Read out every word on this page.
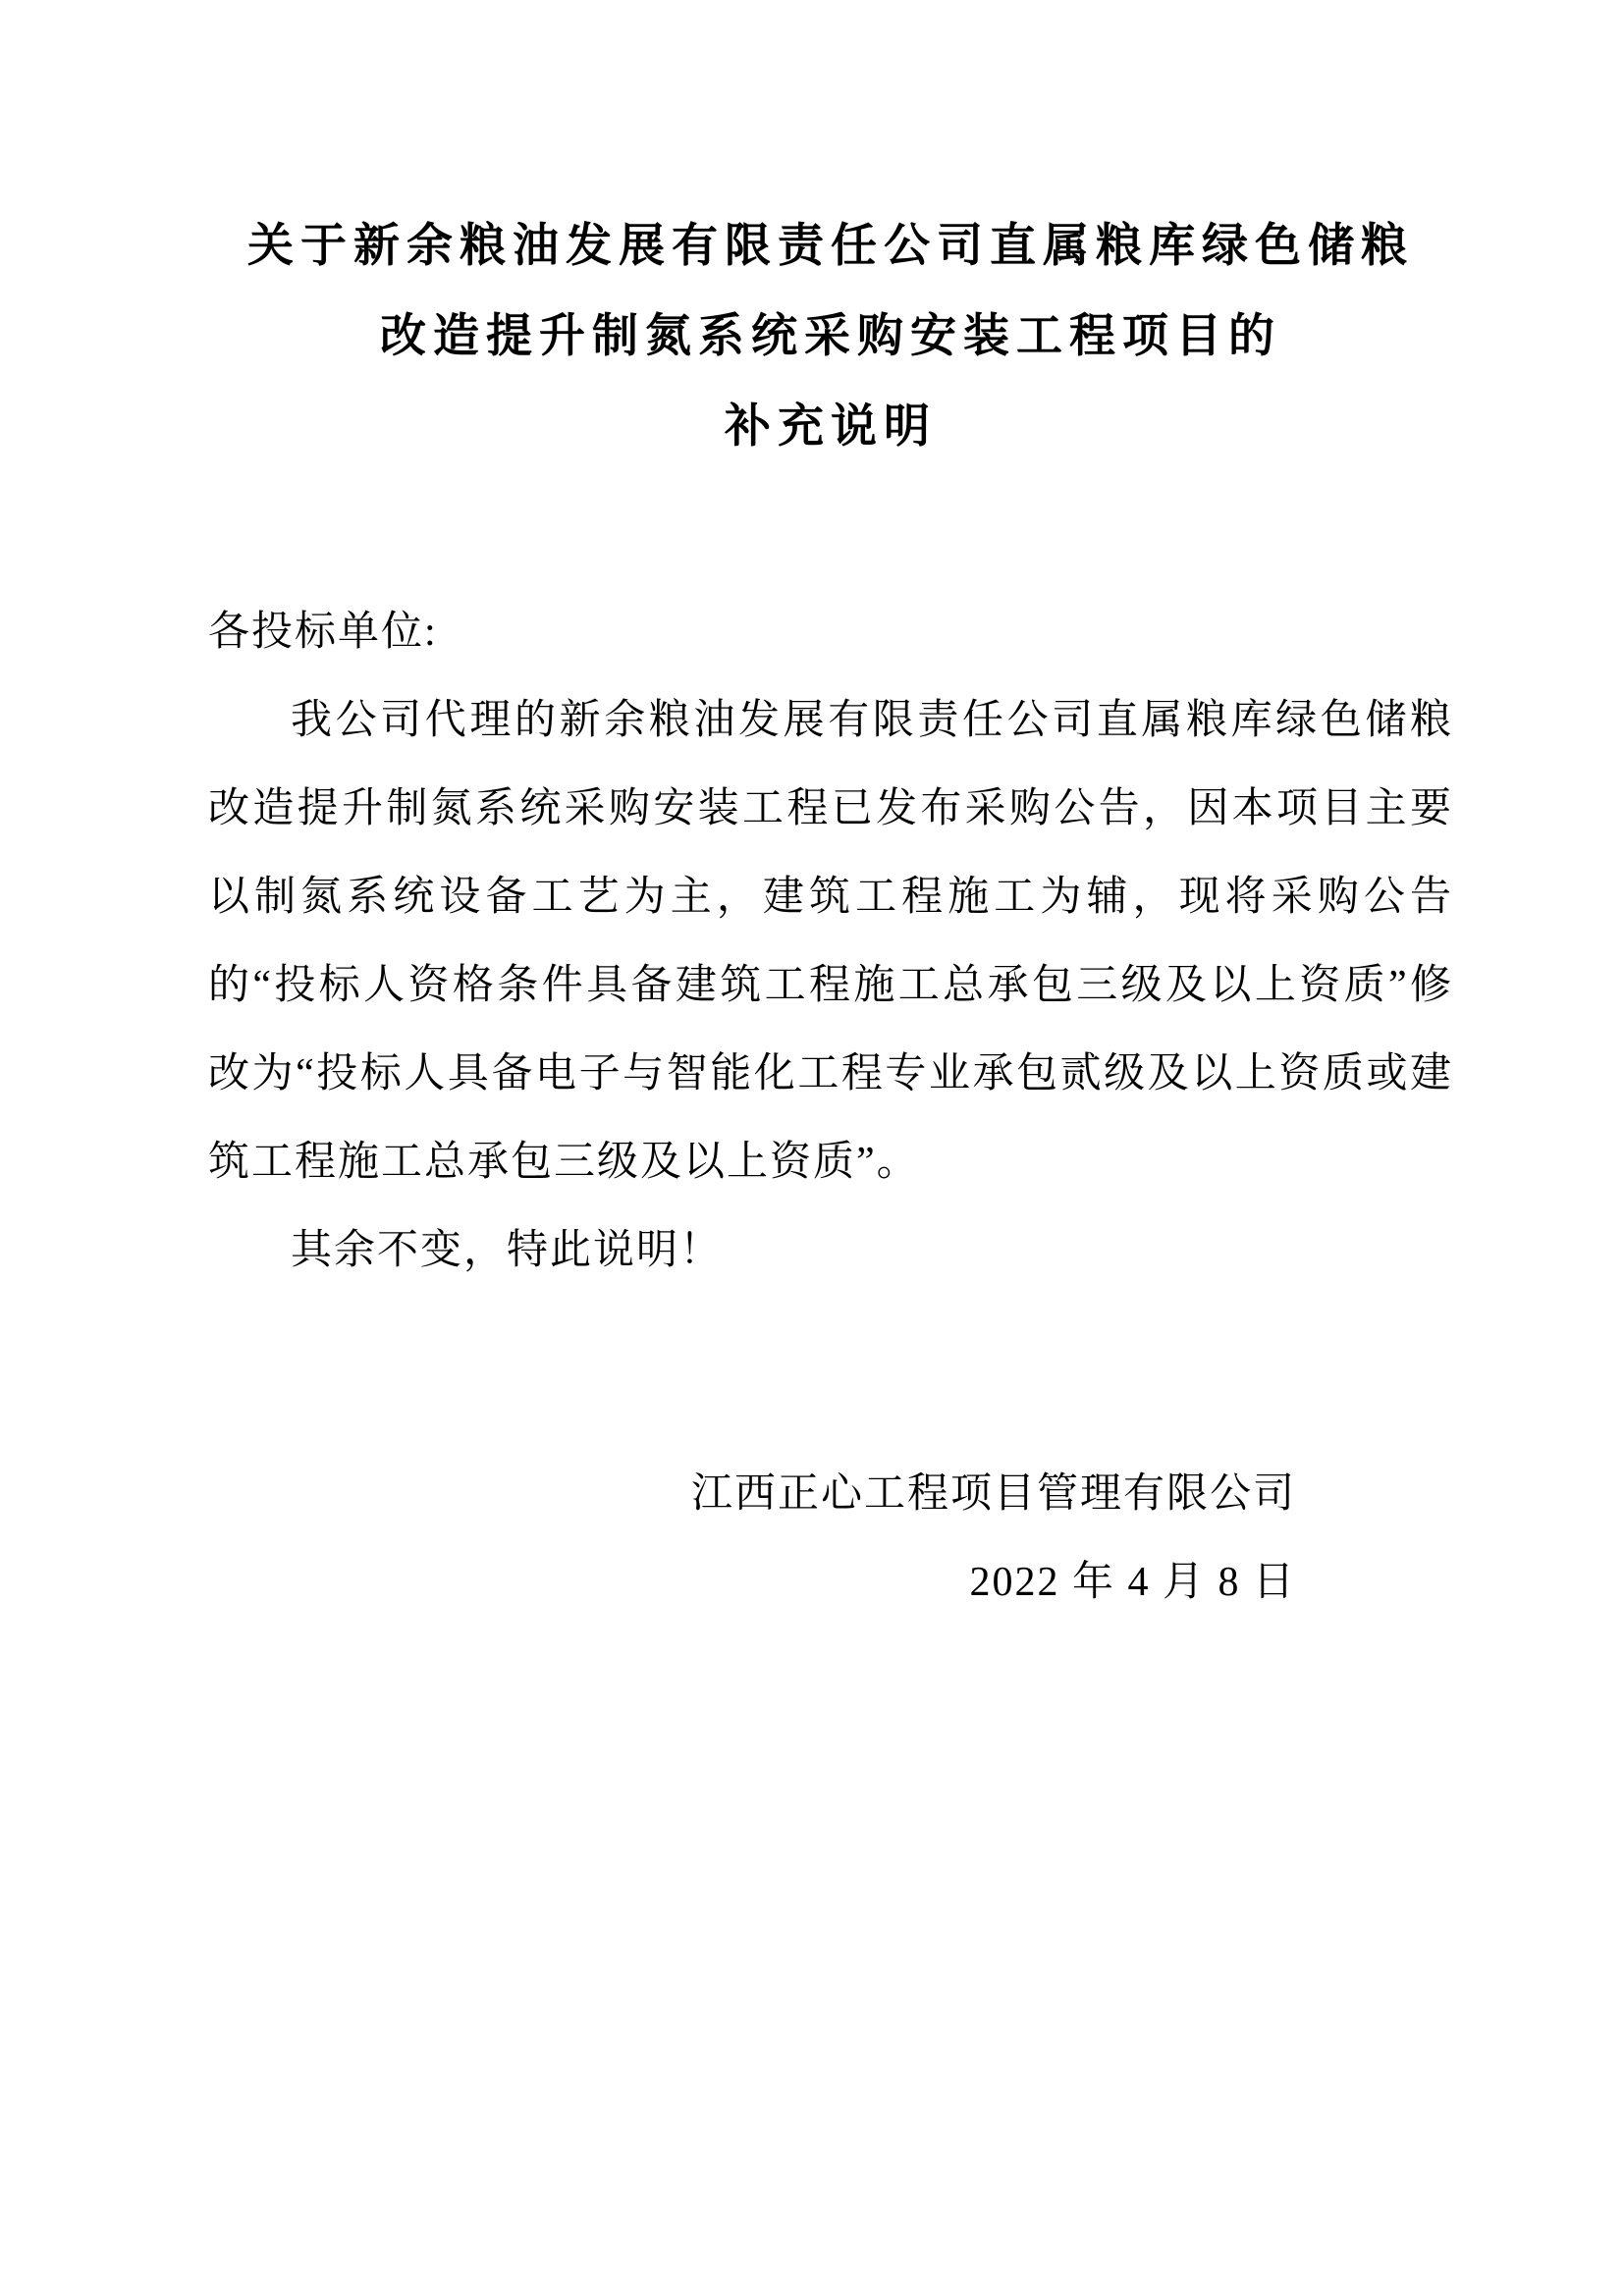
关于新余粮油发展有限责任公司直属粮库绿色储粮
改造提升制氮系统采购安装工程项目的
补充说明
各投标单位:

我公司代理的新余粮油发展有限责任公司直属粮库绿色储粮改造提升制氮系统采购安装工程已发布采购公告，因本项目主要以制氮系统设备工艺为主，建筑工程施工为辅，现将采购公告的“投标人资格条件具备建筑工程施工总承包三级及以上资质”修改为“投标人具备电子与智能化工程专业承包贰级及以上资质或建筑工程施工总承包三级及以上资质”。

其余不变，特此说明！

江西正心工程项目管理有限公司
2022 年 4 月 8 日
